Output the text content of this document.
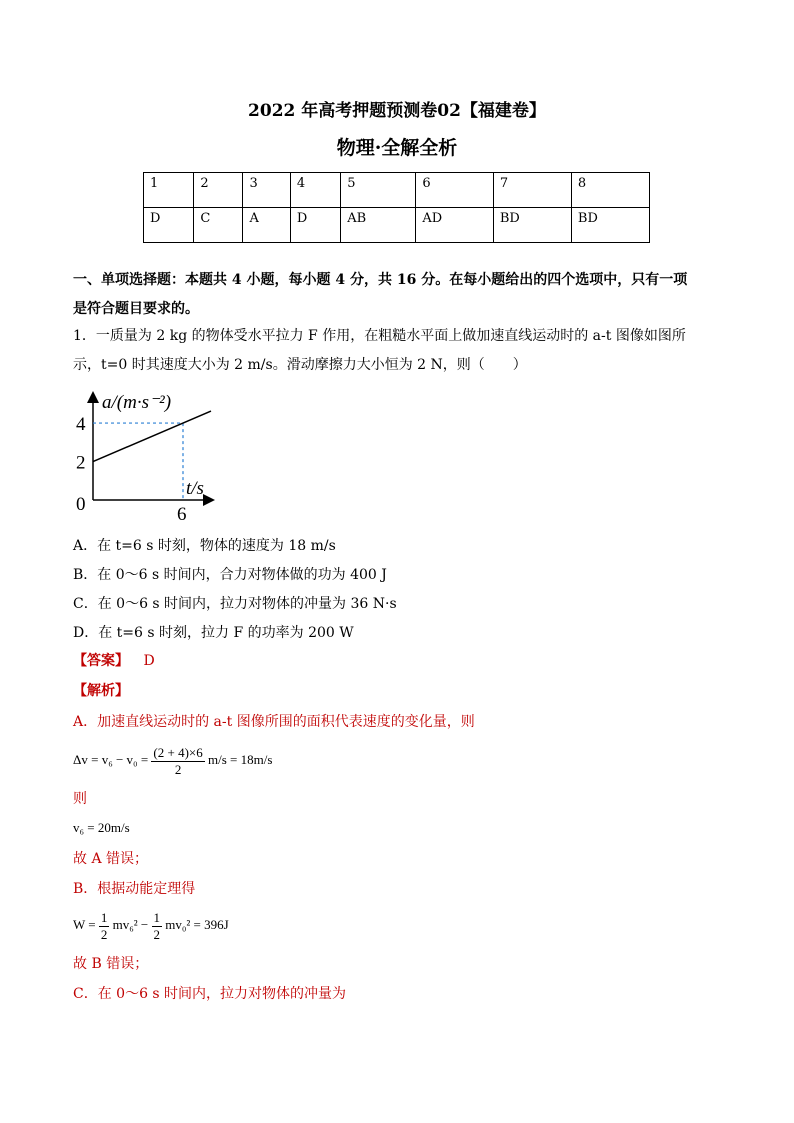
2022 年高考押题预测卷02【福建卷】
物理·全解全析
1	2	3	4	5	6	7	8
D	C	A	D	AB	AD	BD	BD
一、单项选择题：本题共 4 小题，每小题 4 分，共 16 分。在每小题给出的四个选项中，只有一项
是符合题目要求的。
1．一质量为 2 kg 的物体受水平拉力 F 作用，在粗糙水平面上做加速直线运动时的 a-t 图像如图所
示，t=0 时其速度大小为 2 m/s。滑动摩擦力大小恒为 2 N，则（　　）
a/(m·s⁻²)
t/s
4
2
0	6
A．在 t=6 s 时刻，物体的速度为 18 m/s
B．在 0～6 s 时间内，合力对物体做的功为 400 J
C．在 0～6 s 时间内，拉力对物体的冲量为 36 N·s
D．在 t=6 s 时刻，拉力 F 的功率为 200 W
【答案】 D
【解析】
A．加速直线运动时的 a-t 图像所围的面积代表速度的变化量，则
$\Delta v = v_6 - v_0 = \frac{(2 + 4)\times 6}{2} m/s = 18m/s$
则
v₆ = 20m/s
故 A 错误；
B．根据动能定理得
$W = \frac{1}{2} mv_6^2 - \frac{1}{2} mv_0^2 = 396J$
故 B 错误；
C．在 0～6 s 时间内，拉力对物体的冲量为
